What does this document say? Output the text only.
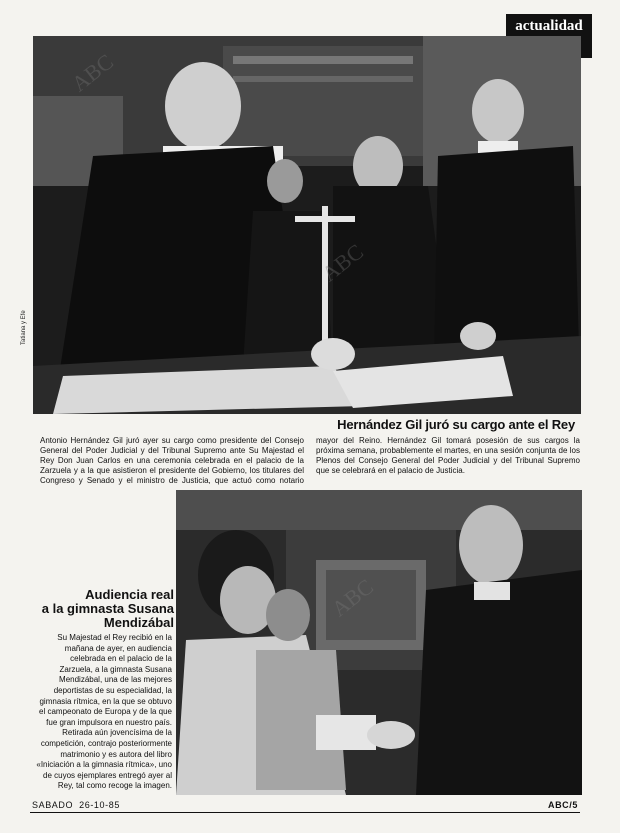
actualidad
Tatiana y Efe
Hernández Gil juró su cargo ante el Rey
Antonio Hernández Gil juró ayer su cargo como presidente del Consejo General del Poder Judicial y del Tribunal Supremo ante Su Majestad el Rey Don Juan Carlos en una ceremonia celebrada en el palacio de la Zarzuela y a la que asistieron el presidente del Gobierno, los titulares del Congreso y Senado y el ministro de Justicia, que actuó como notario mayor del Reino. Hernández Gil tomará posesión de sus cargos la próxima semana, probablemente el martes, en una sesión conjunta de los Plenos del Consejo General del Poder Judicial y del Tribunal Supremo que se celebrará en el palacio de Justicia.
Audiencia real
a la gimnasta Susana
Mendizábal
Su Majestad el Rey recibió en la mañana de ayer, en audiencia celebrada en el palacio de la Zarzuela, a la gimnasta Susana Mendizábal, una de las mejores deportistas de su especialidad, la gimnasia rítmica, en la que se obtuvo el campeonato de Europa y de la que fue gran impulsora en nuestro país. Retirada aún jovencísima de la competición, contrajo posteriormente matrimonio y es autora del libro «Iniciación a la gimnasia rítmica», uno de cuyos ejemplares entregó ayer al Rey, tal como recoge la imagen.
SABADO 26-10-85	ABC/5
ABC
ABC
ABC
